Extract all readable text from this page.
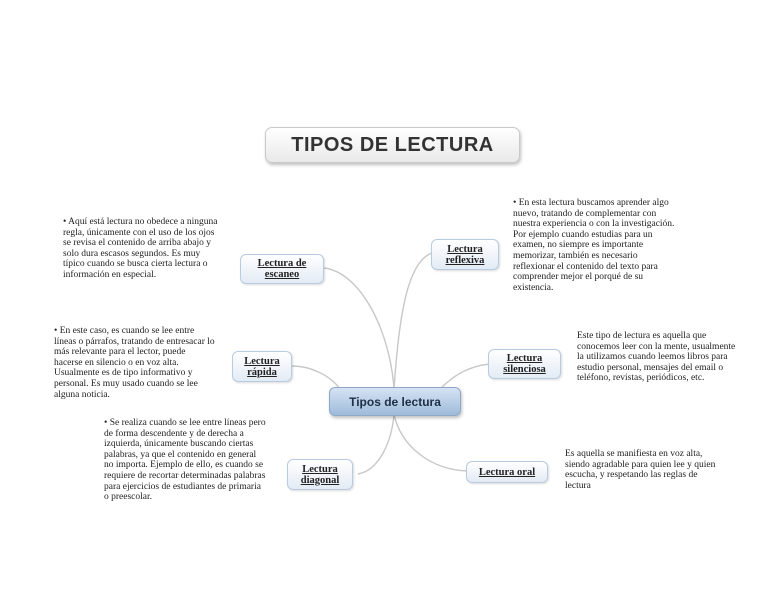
TIPOS DE LECTURA
Tipos de lectura

• Aquí está lectura no obedece a ninguna regla, únicamente con el uso de los ojos se revisa el contenido de arriba abajo y solo dura escasos segundos. Es muy típico cuando se busca cierta lectura o información en especial.

Lectura de escaneo

• En este caso, es cuando se lee entre líneas o párrafos, tratando de entresacar lo más relevante para el lector, puede hacerse en silencio o en voz alta. Usualmente es de tipo informativo y personal. Es muy usado cuando se lee alguna noticia.

Lectura rápida

• Se realiza cuando se lee entre líneas pero de forma descendente y de derecha a izquierda, únicamente buscando ciertas palabras, ya que el contenido en general no importa. Ejemplo de ello, es cuando se requiere de recortar determinadas palabras para ejercicios de estudiantes de primaria o preescolar.

Lectura diagonal
Lectura reflexiva

• En esta lectura buscamos aprender algo nuevo, tratando de complementar con nuestra experiencia o con la investigación. Por ejemplo cuando estudias para un examen, no siempre es importante memorizar, también es necesario reflexionar el contenido del texto para comprender mejor el porqué de su existencia.

Lectura silenciosa

Este tipo de lectura es aquella que conocemos leer con la mente, usualmente la utilizamos cuando leemos libros para estudio personal, mensajes del email o teléfono, revistas, periódicos, etc.

Lectura oral

Es aquella se manifiesta en voz alta, siendo agradable para quien lee y quien escucha, y respetando las reglas de lectura
